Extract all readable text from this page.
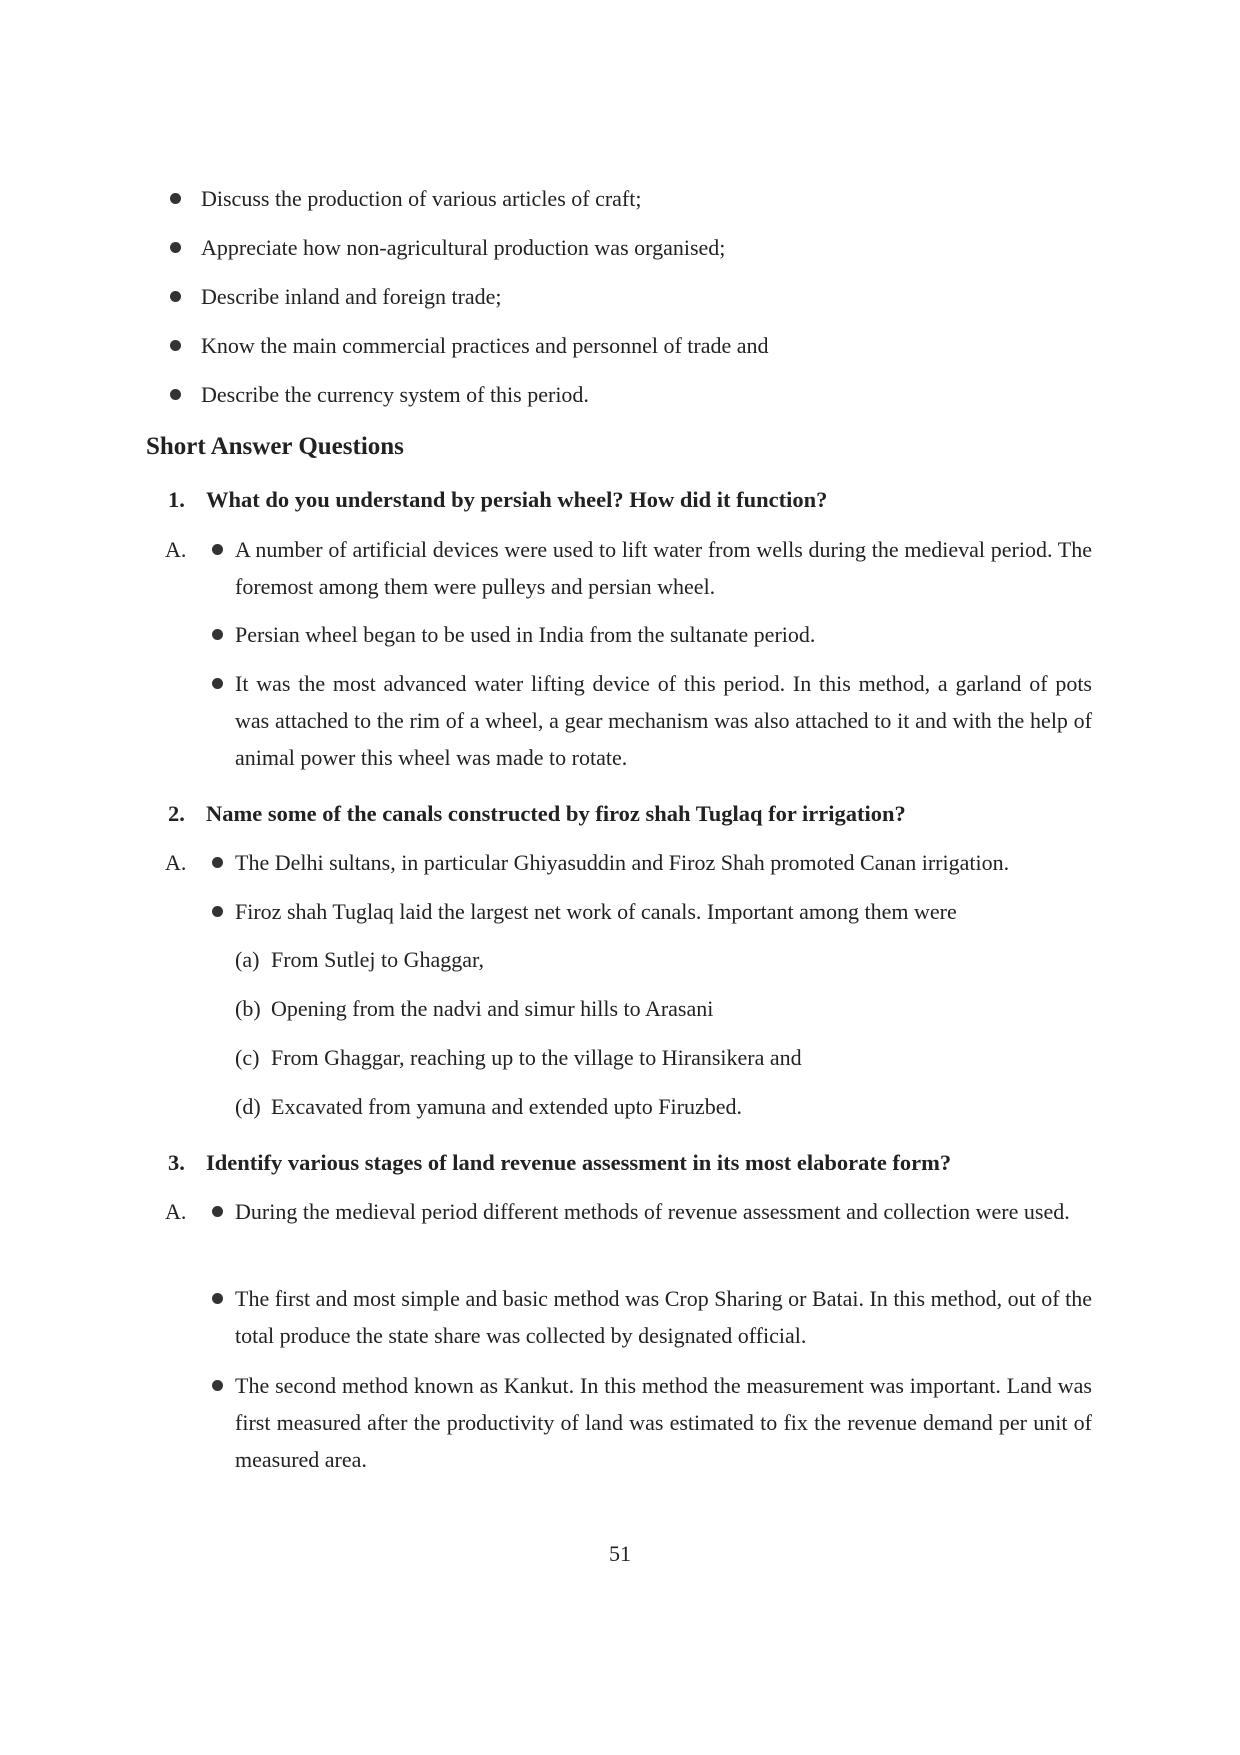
Discuss the production of various articles of craft;
Appreciate how non-agricultural production was organised;
Describe inland and foreign trade;
Know the main commercial practices and personnel of trade and
Describe the currency system of this period.
Short Answer Questions
1. What do you understand by persiah wheel? How did it function?
A. A number of artificial devices were used to lift water from wells during the medieval period. The foremost among them were pulleys and persian wheel.
Persian wheel began to be used in India from the sultanate period.
It was the most advanced water lifting device of this period. In this method, a garland of pots was attached to the rim of a wheel, a gear mechanism was also attached to it and with the help of animal power this wheel was made to rotate.
2. Name some of the canals constructed by firoz shah Tuglaq for irrigation?
A. The Delhi sultans, in particular Ghiyasuddin and Firoz Shah promoted Canan irrigation.
Firoz shah Tuglaq laid the largest net work of canals. Important among them were
(a) From Sutlej to Ghaggar,
(b) Opening from the nadvi and simur hills to Arasani
(c) From Ghaggar, reaching up to the village to Hiransikera and
(d) Excavated from yamuna and extended upto Firuzbed.
3. Identify various stages of land revenue assessment in its most elaborate form?
A. During the medieval period different methods of revenue assessment and collection were used.
The first and most simple and basic method was Crop Sharing or Batai. In this method, out of the total produce the state share was collected by designated official.
The second method known as Kankut. In this method the measurement was important. Land was first measured after the productivity of land was estimated to fix the revenue demand per unit of measured area.
51
